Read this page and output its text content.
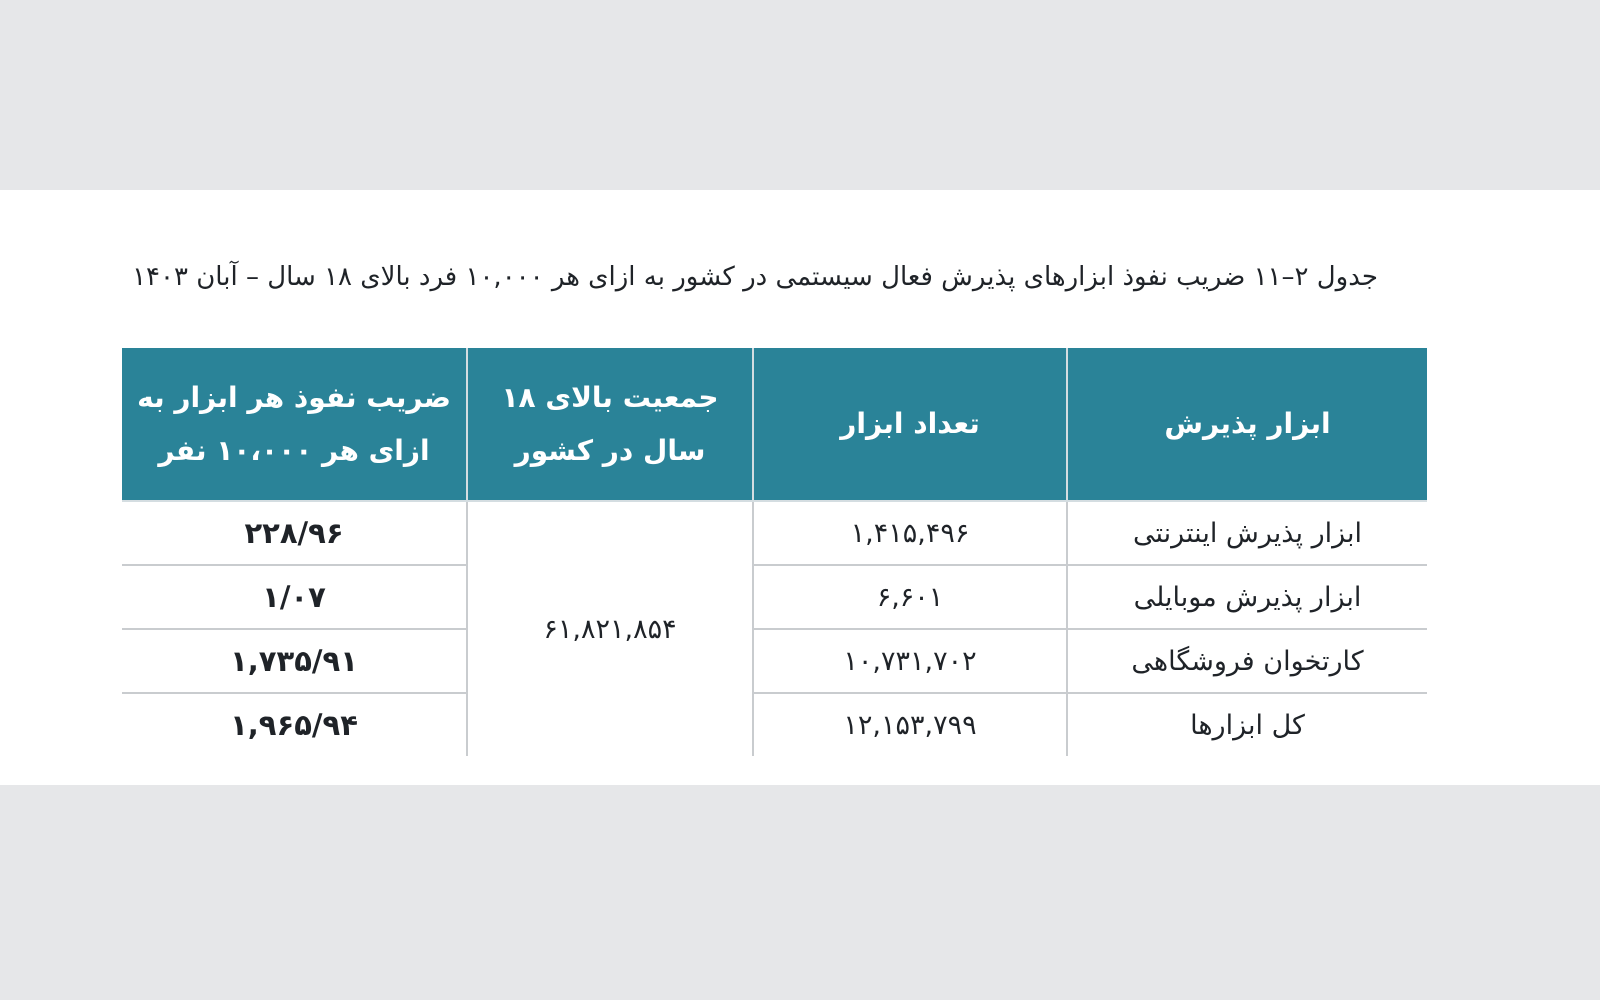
جدول ۲–۱۱ ضریب نفوذ ابزارهای پذیرش فعال سیستمی در کشور به ازای هر ۱۰,۰۰۰ فرد بالای ۱۸ سال – آبان ۱۴۰۳
ابزار پذیرش	تعداد ابزار	جمعیت بالای ۱۸ سال در کشور	ضریب نفوذ هر ابزار به ازای هر ۱۰،۰۰۰ نفر
ابزار پذیرش اینترنتی	۱,۴۱۵,۴۹۶	۶۱,۸۲۱,۸۵۴	۲۲۸/۹۶
ابزار پذیرش موبایلی	۶,۶۰۱		۱/۰۷
کارتخوان فروشگاهی	۱۰,۷۳۱,۷۰۲		۱,۷۳۵/۹۱
کل ابزارها	۱۲,۱۵۳,۷۹۹		۱,۹۶۵/۹۴
